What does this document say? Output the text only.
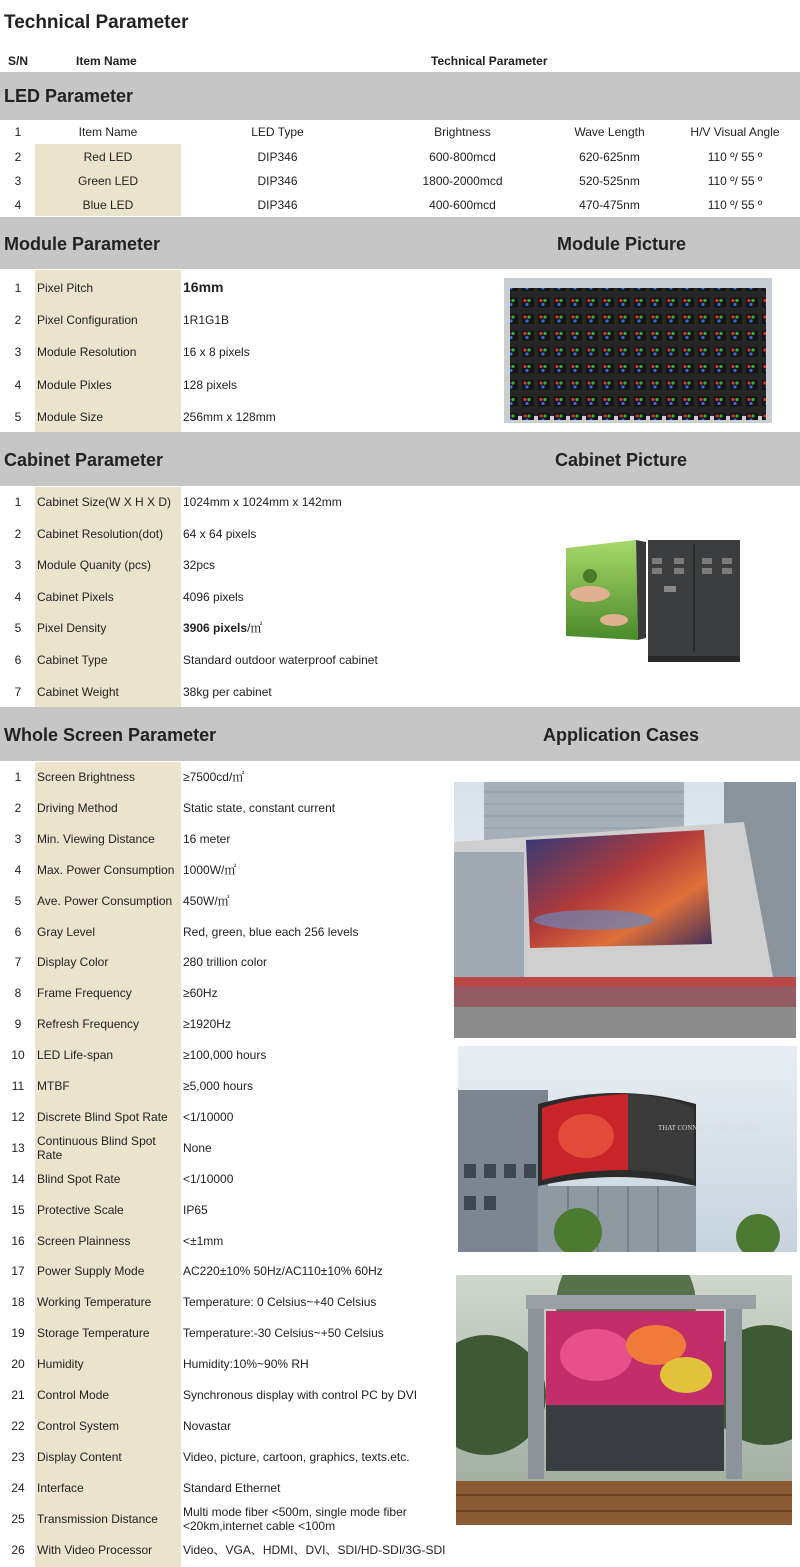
Technical Parameter
S/N	Item Name	Technical Parameter
LED Parameter
1	Item Name	LED Type	Brightness	Wave Length	H/V Visual Angle
2	Red LED	DIP346	600-800mcd	620-625nm	110 º/ 55 º
3	Green LED	DIP346	1800-2000mcd	520-525nm	110 º/ 55 º
4	Blue LED	DIP346	400-600mcd	470-475nm	110 º/ 55 º
Module Parameter	Module Picture
1	Pixel Pitch	16mm
2	Pixel Configuration	1R1G1B
3	Module Resolution	16 x 8 pixels
4	Module Pixles	128 pixels
5	Module Size	256mm x 128mm
Cabinet Parameter	Cabinet Picture
1	Cabinet Size(W X H X D) 1024mm x 1024mm x 142mm
2	Cabinet Resolution(dot)	64 x 64 pixels
3	Module Quanity (pcs)	32pcs
4	Cabinet Pixels	4096 pixels
5	Pixel Density	3906 pixels/㎡
6	Cabinet Type	Standard outdoor waterproof cabinet
7	Cabinet Weight	38kg per cabinet
Whole Screen Parameter	Application Cases
1	Screen Brightness	≥7500cd/㎡
2	Driving Method	Static state, constant current
3	Min. Viewing Distance	16 meter
4	Max. Power Consumption 1000W/㎡
5	Ave. Power Consumption 450W/㎡
6	Gray Level	Red, green, blue each 256 levels
7	Display Color	280 trillion color
8	Frame Frequency	≥60Hz
9	Refresh Frequency	≥1920Hz
10	LED Life-span	≥100,000 hours
11	MTBF	≥5,000 hours
12	Discrete Blind Spot Rate	<1/10000
13	Continuous Blind Spot Rate	None
14	Blind Spot Rate	<1/10000
15	Protective Scale	IP65
16	Screen Plainness	<±1mm
17	Power Supply Mode	AC220±10% 50Hz/AC110±10% 60Hz
18	Working Temperature	Temperature: 0 Celsius~+40 Celsius
19	Storage Temperature	Temperature:-30 Celsius~+50 Celsius
20	Humidity	Humidity:10%~90% RH
21	Control Mode	Synchronous display with control PC by DVI
22	Control System	Novastar
23	Display Content	Video, picture, cartoon, graphics, texts.etc.
24	Interface	Standard Ethernet
25	Transmission Distance	Multi mode fiber <500m, single mode fiber <20km,internet cable <100m
26	With Video Processor	Video、VGA、HDMI、DVI、SDI/HD-SDI/3G-SDI
THAT CONNECT THEIR WORLD
